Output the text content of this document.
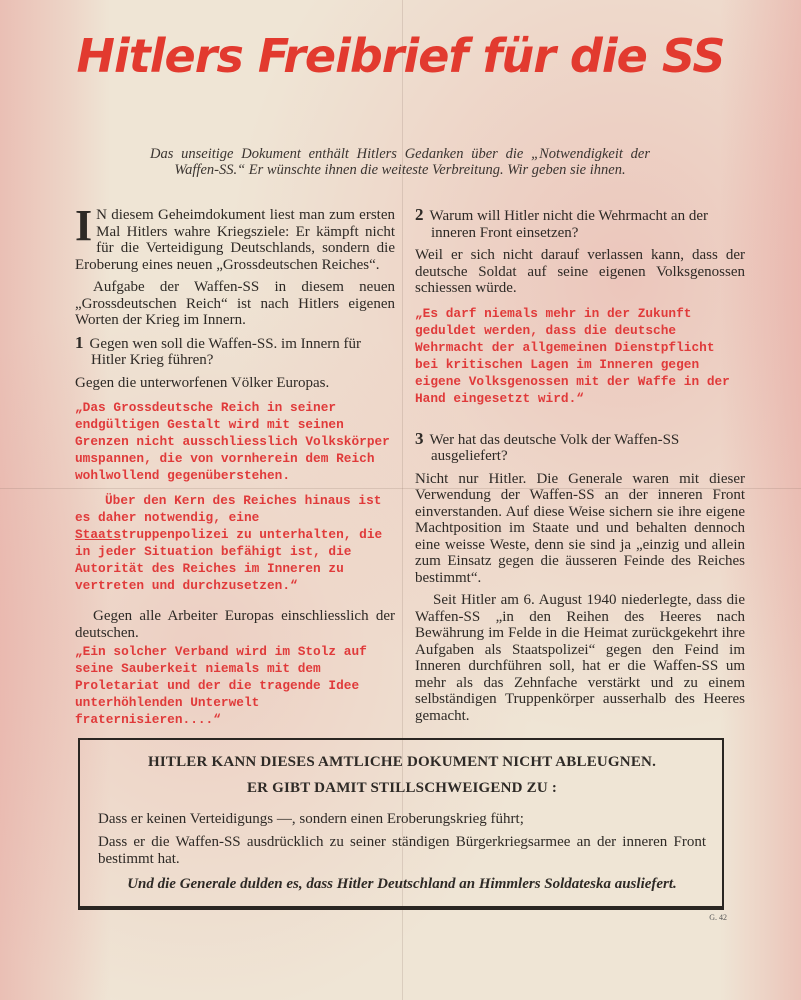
Hitlers Freibrief für die SS
Das unseitige Dokument enthält Hitlers Gedanken über die „Notwendigkeit der Waffen-SS.“ Er wünschte ihnen die weiteste Verbreitung. Wir geben sie ihnen.

I N diesem Geheimdokument liest man zum ersten Mal Hitlers wahre Kriegsziele: Er kämpft nicht für die Verteidigung Deutschlands, sondern die Eroberung eines neuen „Grossdeutschen Reiches“.

Aufgabe der Waffen-SS in diesem neuen „Grossdeutschen Reich“ ist nach Hitlers eigenen Worten der Krieg im Innern.

1 Gegen wen soll die Waffen-SS. im Innern für Hitler Krieg führen?

Gegen die unterworfenen Völker Europas.

„Das Grossdeutsche Reich in seiner endgültigen Gestalt wird mit seinen Grenzen nicht ausschliesslich Volkskörper umspannen, die von vornherein dem Reich wohlwollend gegenüberstehen.

Über den Kern des Reiches hinaus ist es daher notwendig, eine Staatstruppenpolizei zu unterhalten, die in jeder Situation befähigt ist, die Autorität des Reiches im Inneren zu vertreten und durchzusetzen.“

Gegen alle Arbeiter Europas einschliesslich der deutschen.

„Ein solcher Verband wird im Stolz auf seine Sauberkeit niemals mit dem Proletariat und der die tragende Idee unterhöhlenden Unterwelt fraternisieren....“

2 Warum will Hitler nicht die Wehrmacht an der inneren Front einsetzen?

Weil er sich nicht darauf verlassen kann, dass der deutsche Soldat auf seine eigenen Volksgenossen schiessen würde.

„Es darf niemals mehr in der Zukunft geduldet werden, dass die deutsche Wehrmacht der allgemeinen Dienstpflicht bei kritischen Lagen im Inneren gegen eigene Volksgenossen mit der Waffe in der Hand eingesetzt wird.“

3 Wer hat das deutsche Volk der Waffen-SS ausgeliefert?

Nicht nur Hitler. Die Generale waren mit dieser Verwendung der Waffen-SS an der inneren Front einverstanden. Auf diese Weise sichern sie ihre eigene Machtposition im Staate und und behalten dennoch eine weisse Weste, denn sie sind ja „einzig und allein zum Einsatz gegen die äusseren Feinde des Reiches bestimmt“.

Seit Hitler am 6. August 1940 niederlegte, dass die Waffen-SS „in den Reihen des Heeres nach Bewährung im Felde in die Heimat zurückgekehrt ihre Aufgaben als Staatspolizei“ gegen den Feind im Inneren durchführen soll, hat er die Waffen-SS um mehr als das Zehnfache verstärkt und zu einem selbständigen Truppenkörper ausserhalb des Heeres gemacht.

HITLER KANN DIESES AMTLICHE DOKUMENT NICHT ABLEUGNEN.

ER GIBT DAMIT STILLSCHWEIGEND ZU :

Dass er keinen Verteidigungs —, sondern einen Eroberungskrieg führt;

Dass er die Waffen-SS ausdrücklich zu seiner ständigen Bürgerkriegsarmee an der inneren Front bestimmt hat.

Und die Generale dulden es, dass Hitler Deutschland an Himmlers Soldateska ausliefert.

G. 42
